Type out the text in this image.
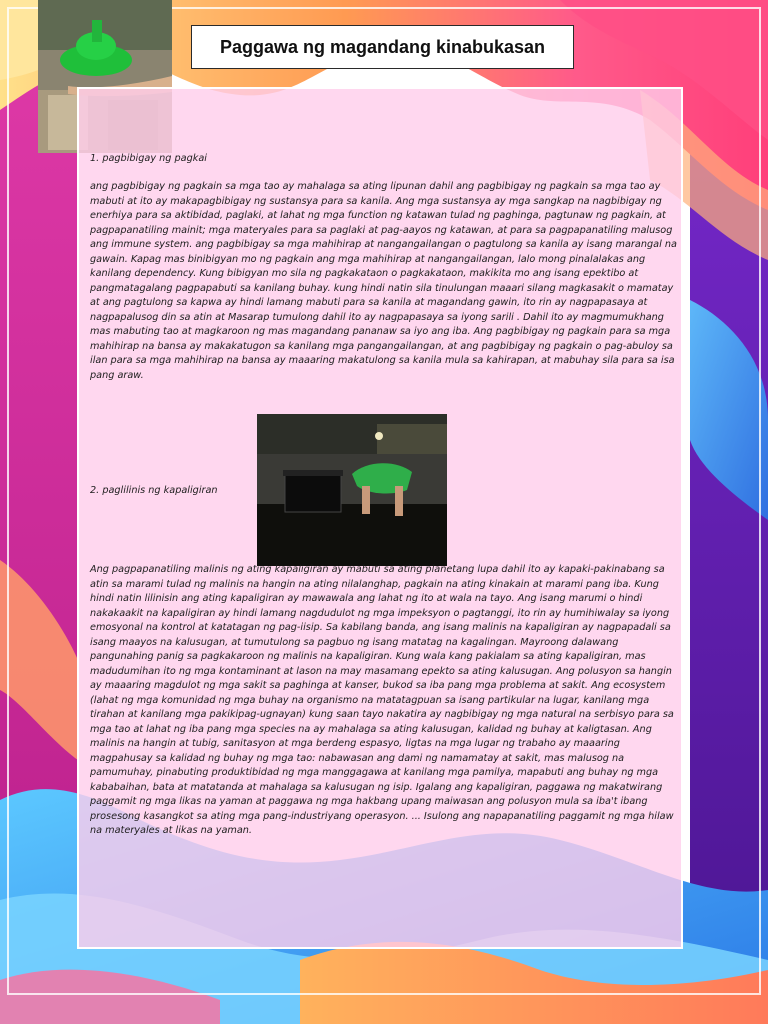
Paggawa ng magandang kinabukasan

1. pagbibigay ng pagkai

ang pagbibigay ng pagkain sa mga tao ay mahalaga sa ating lipunan dahil ang pagbibigay ng pagkain sa mga tao ay mabuti at ito ay makapagbibigay ng sustansya para sa kanila. Ang mga sustansya ay mga sangkap na nagbibigay ng enerhiya para sa aktibidad, paglaki, at lahat ng mga function ng katawan tulad ng paghinga, pagtunaw ng pagkain, at pagpapanatiling mainit; mga materyales para sa paglaki at pag-aayos ng katawan, at para sa pagpapanatiling malusog ang immune system. ang pagbibigay sa mga mahihirap at nangangailangan o pagtulong sa kanila ay isang marangal na gawain. Kapag mas binibigyan mo ng pagkain ang mga mahihirap at nangangailangan, lalo mong pinalalakas ang kanilang dependency. Kung bibigyan mo sila ng pagkakataon o pagkakataon, makikita mo ang isang epektibo at pangmatagalang pagpapabuti sa kanilang buhay. kung hindi natin sila tinulungan maaari silang magkasakit o mamatay at ang pagtulong sa kapwa ay hindi lamang mabuti para sa kanila at magandang gawin, ito rin ay nagpapasaya at nagpapalusog din sa atin at Masarap tumulong dahil ito ay nagpapasaya sa iyong sarili . Dahil ito ay magmumukhang mas mabuting tao at magkaroon ng mas magandang pananaw sa iyo ang iba. Ang pagbibigay ng pagkain para sa mga mahihirap na bansa ay makakatugon sa kanilang mga pangangailangan, at ang pagbibigay ng pagkain o pag-abuloy sa ilan para sa mga mahihirap na bansa ay maaaring makatulong sa kanila mula sa kahirapan, at mabuhay sila para sa isa pang araw.

2. paglilinis ng kapaligiran

Ang pagpapanatiling malinis ng ating kapaligiran ay mabuti sa ating planetang lupa dahil ito ay kapaki-pakinabang sa atin sa marami tulad ng malinis na hangin na ating nilalanghap, pagkain na ating kinakain at marami pang iba. Kung hindi natin lilinisin ang ating kapaligiran ay mawawala ang lahat ng ito at wala na tayo. Ang isang marumi o hindi nakakaakit na kapaligiran ay hindi lamang nagdudulot ng mga impeksyon o pagtanggi, ito rin ay humihiwalay sa iyong emosyonal na kontrol at katatagan ng pag-iisip. Sa kabilang banda, ang isang malinis na kapaligiran ay nagpapadali sa isang maayos na kalusugan, at tumutulong sa pagbuo ng isang matatag na kagalingan. Mayroong dalawang pangunahing panig sa pagkakaroon ng malinis na kapaligiran. Kung wala kang pakialam sa ating kapaligiran, mas madudumihan ito ng mga kontaminant at lason na may masamang epekto sa ating kalusugan. Ang polusyon sa hangin ay maaaring magdulot ng mga sakit sa paghinga at kanser, bukod sa iba pang mga problema at sakit. Ang ecosystem (lahat ng mga komunidad ng mga buhay na organismo na matatagpuan sa isang partikular na lugar, kanilang mga tirahan at kanilang mga pakikipag-ugnayan) kung saan tayo nakatira ay nagbibigay ng mga natural na serbisyo para sa mga tao at lahat ng iba pang mga species na ay mahalaga sa ating kalusugan, kalidad ng buhay at kaligtasan. Ang malinis na hangin at tubig, sanitasyon at mga berdeng espasyo, ligtas na mga lugar ng trabaho ay maaaring magpahusay sa kalidad ng buhay ng mga tao: nabawasan ang dami ng namamatay at sakit, mas malusog na pamumuhay, pinabuting produktibidad ng mga manggagawa at kanilang mga pamilya, mapabuti ang buhay ng mga kababaihan, bata at matatanda at mahalaga sa kalusugan ng isip. Igalang ang kapaligiran, paggawa ng makatwirang paggamit ng mga likas na yaman at paggawa ng mga hakbang upang maiwasan ang polusyon mula sa iba't ibang prosesong kasangkot sa ating mga pang-industriyang operasyon. ... Isulong ang napapanatiling paggamit ng mga hilaw na materyales at likas na yaman.
